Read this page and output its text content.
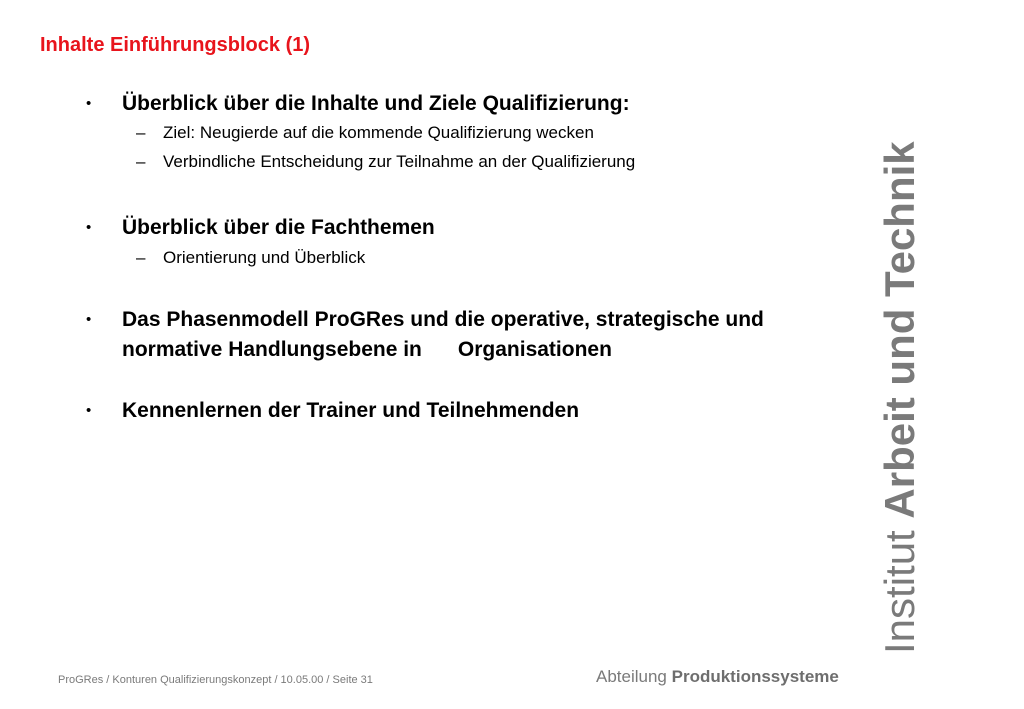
Inhalte Einführungsblock (1)
•	Überblick über die Inhalte und Ziele Qualifizierung:
–	Ziel: Neugierde auf die kommende Qualifizierung wecken
–	Verbindliche Entscheidung zur Teilnahme an der Qualifizierung
•	Überblick über die Fachthemen
–	Orientierung und Überblick
•	Das Phasenmodell ProGRes und die operative, strategische und
normative Handlungsebene in Organisationen
•	Kennenlernen der Trainer und Teilnehmenden
Institut Arbeit und Technik
ProGRes / Konturen Qualifizierungskonzept / 10.05.00 / Seite 31	Abteilung Produktionssysteme
